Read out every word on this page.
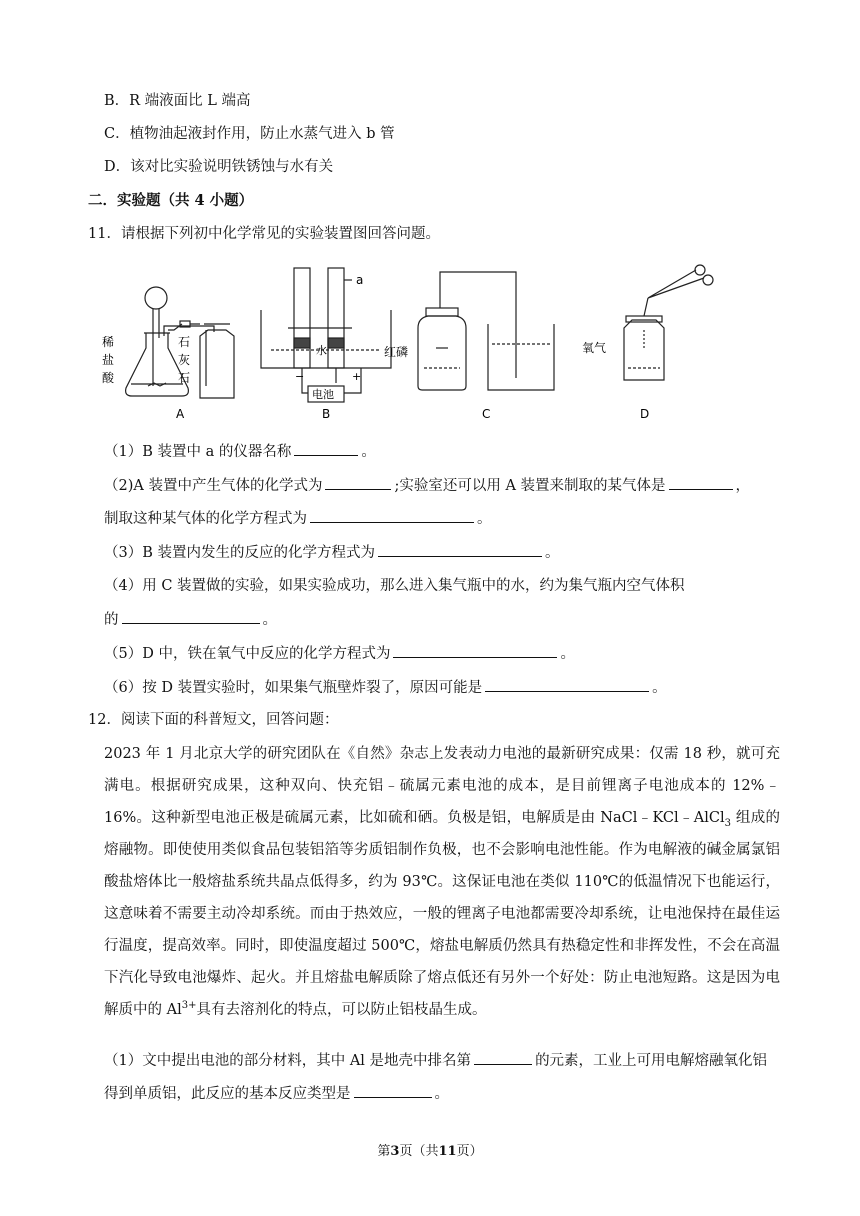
B．R 端液面比 L 端高
C．植物油起液封作用，防止水蒸气进入 b 管
D．该对比实验说明铁锈蚀与水有关
二．实验题（共 4 小题）
11．请根据下列初中化学常见的实验装置图回答问题。
稀
盐
酸
石
灰
石
a
水
电池
−	+
红磷	氧气
A	B	C	D
（1）B 装置中 a 的仪器名称	。
（2)A 装置中产生气体的化学式为	;实验室还可以用 A 装置来制取的某气体是	，
制取这种某气体的化学方程式为	。
（3）B 装置内发生的反应的化学方程式为	。
（4）用 C 装置做的实验，如果实验成功，那么进入集气瓶中的水，约为集气瓶内空气体积
的	。
（5）D 中，铁在氧气中反应的化学方程式为	。
（6）按 D 装置实验时，如果集气瓶壁炸裂了，原因可能是	。
12．阅读下面的科普短文，回答问题：
2023 年 1 月北京大学的研究团队在《自然》杂志上发表动力电池的最新研究成果：仅需 18 秒，就可充满电。根据研究成果，这种双向、快充铝﹣硫属元素电池的成本，是目前锂离子电池成本的 12%﹣16%。这种新型电池正极是硫属元素，比如硫和硒。负极是铝，电解质是由 NaCl﹣KCl﹣AlCl$_3$ 组成的熔融物。即使使用类似食品包装铝箔等劣质铝制作负极，也不会影响电池性能。作为电解液的碱金属氯铝酸盐熔体比一般熔盐系统共晶点低得多，约为 93℃。这保证电池在类似 110℃的低温情况下也能运行，这意味着不需要主动冷却系统。而由于热效应，一般的锂离子电池都需要冷却系统，让电池保持在最佳运行温度，提高效率。同时，即使温度超过 500℃，熔盐电解质仍然具有热稳定性和非挥发性，不会在高温下汽化导致电池爆炸、起火。并且熔盐电解质除了熔点低还有另外一个好处：防止电池短路。这是因为电解质中的 $Al^{3+}$具有去溶剂化的特点，可以防止铝枝晶生成。
（1）文中提出电池的部分材料，其中 Al 是地壳中排名第	的元素，工业上可用电解熔融氧化铝
得到单质铝，此反应的基本反应类型是	。
第3页（共11页）
